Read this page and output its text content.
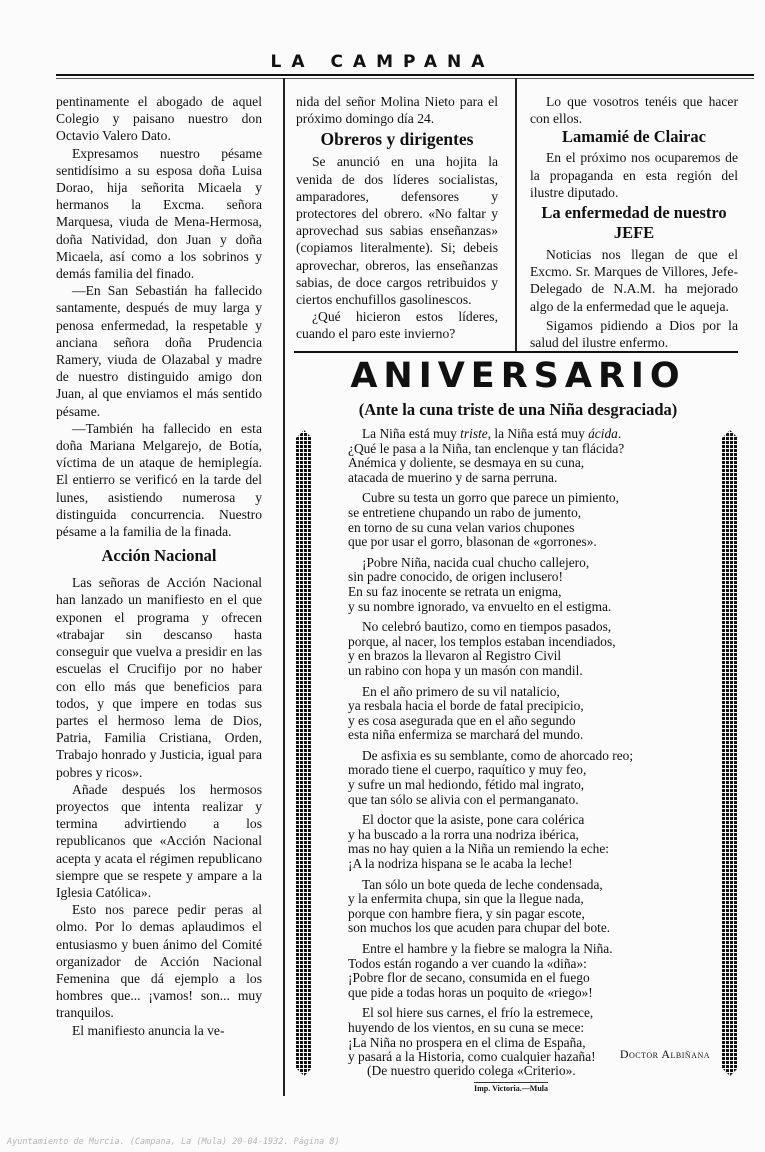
LA CAMPANA

pentinamente el abogado de aquel Colegio y paisano nuestro don Octavio Valero Dato.

Expresamos nuestro pésame sentidísimo a su esposa doña Luisa Dorao, hija señorita Micaela y hermanos la Excma. señora Marquesa, viuda de Mena-Hermosa, doña Natividad, don Juan y doña Micaela, así como a los sobrinos y demás familia del finado.

—En San Sebastián ha fallecido santamente, después de muy larga y penosa enfermedad, la respetable y anciana señora doña Prudencia Ramery, viuda de Olazabal y madre de nuestro distinguido amigo don Juan, al que enviamos el más sentido pésame.

—También ha fallecido en esta doña Mariana Melgarejo, de Botía, víctima de un ataque de hemiplegía. El entierro se verificó en la tarde del lunes, asistiendo numerosa y distinguida concurrencia. Nuestro pésame a la familia de la finada.

Acción Nacional

Las señoras de Acción Nacional han lanzado un manifiesto en el que exponen el programa y ofrecen «trabajar sin descanso hasta conseguir que vuelva a presidir en las escuelas el Crucifijo por no haber con ello más que beneficios para todos, y que impere en todas sus partes el hermoso lema de Dios, Patria, Familia Cristiana, Orden, Trabajo honrado y Justicia, igual para pobres y ricos».

Añade después los hermosos proyectos que intenta realizar y termina advirtiendo a los republicanos que «Acción Nacional acepta y acata el régimen republicano siempre que se respete y ampare a la Iglesia Católica».

Esto nos parece pedir peras al olmo. Por lo demas aplaudimos el entusiasmo y buen ánimo del Comité organizador de Acción Nacional Femenina que dá ejemplo a los hombres que... ¡vamos! son... muy tranquilos.

El manifiesto anuncia la ve-

nida del señor Molina Nieto para el próximo domingo día 24.

Obreros y dirigentes

Se anunció en una hojita la venida de dos líderes socialistas, amparadores, defensores y protectores del obrero. «No faltar y aprovechad sus sabias enseñanzas» (copiamos literalmente). Si; debeis aprovechar, obreros, las enseñanzas sabias, de doce cargos retribuidos y ciertos enchufillos gasolinescos.

¿Qué hicieron estos líderes, cuando el paro este invierno?

Lo que vosotros tenéis que hacer con ellos.

Lamamié de Clairac

En el próximo nos ocuparemos de la propaganda en esta región del ilustre diputado.

La enfermedad de nuestro JEFE

Noticias nos llegan de que el Excmo. Sr. Marques de Villores, Jefe-Delegado de N.A.M. ha mejorado algo de la enfermedad que le aqueja.

Sigamos pidiendo a Dios por la salud del ilustre enfermo.

ANIVERSARIO
(Ante la cuna triste de una Niña desgraciada)
La Niña está muy triste, la Niña está muy ácida.
¿Qué le pasa a la Niña, tan enclenque y tan flácida?
Anémica y doliente, se desmaya en su cuna,
atacada de muerino y de sarna perruna.
Cubre su testa un gorro que parece un pimiento,
se entretiene chupando un rabo de jumento,
en torno de su cuna velan varios chupones
que por usar el gorro, blasonan de «gorrones».
¡Pobre Niña, nacida cual chucho callejero,
sin padre conocido, de origen inclusero!
En su faz inocente se retrata un enigma,
y su nombre ignorado, va envuelto en el estigma.
No celebró bautizo, como en tiempos pasados,
porque, al nacer, los templos estaban incendiados,
y en brazos la llevaron al Registro Civil
un rabino con hopa y un masón con mandil.
En el año primero de su vil natalicio,
ya resbala hacia el borde de fatal precipicio,
y es cosa asegurada que en el año segundo
esta niña enfermiza se marchará del mundo.
De asfixia es su semblante, como de ahorcado reo;
morado tiene el cuerpo, raquítico y muy feo,
y sufre un mal hediondo, fétido mal ingrato,
que tan sólo se alivia con el permanganato.
El doctor que la asiste, pone cara colérica
y ha buscado a la rorra una nodriza ibérica,
mas no hay quien a la Niña un remiendo la eche:
¡A la nodriza hispana se le acaba la leche!
Tan sólo un bote queda de leche condensada,
y la enfermita chupa, sin que la llegue nada,
porque con hambre fiera, y sin pagar escote,
son muchos los que acuden para chupar del bote.
Entre el hambre y la fiebre se malogra la Niña.
Todos están rogando a ver cuando la «diña»:
¡Pobre flor de secano, consumida en el fuego
que pide a todas horas un poquito de «riego»!
El sol hiere sus carnes, el frío la estremece,
huyendo de los vientos, en su cuna se mece:
¡La Niña no prospera en el clima de España,
y pasará a la Historia, como cualquier hazaña!	Doctor Albiñana
(De nuestro querido colega «Criterio».
Imp. Victoria.—Mula
Ayuntamiento de Murcia. (Campana, La (Mula) 20-04-1932. Página 8)
